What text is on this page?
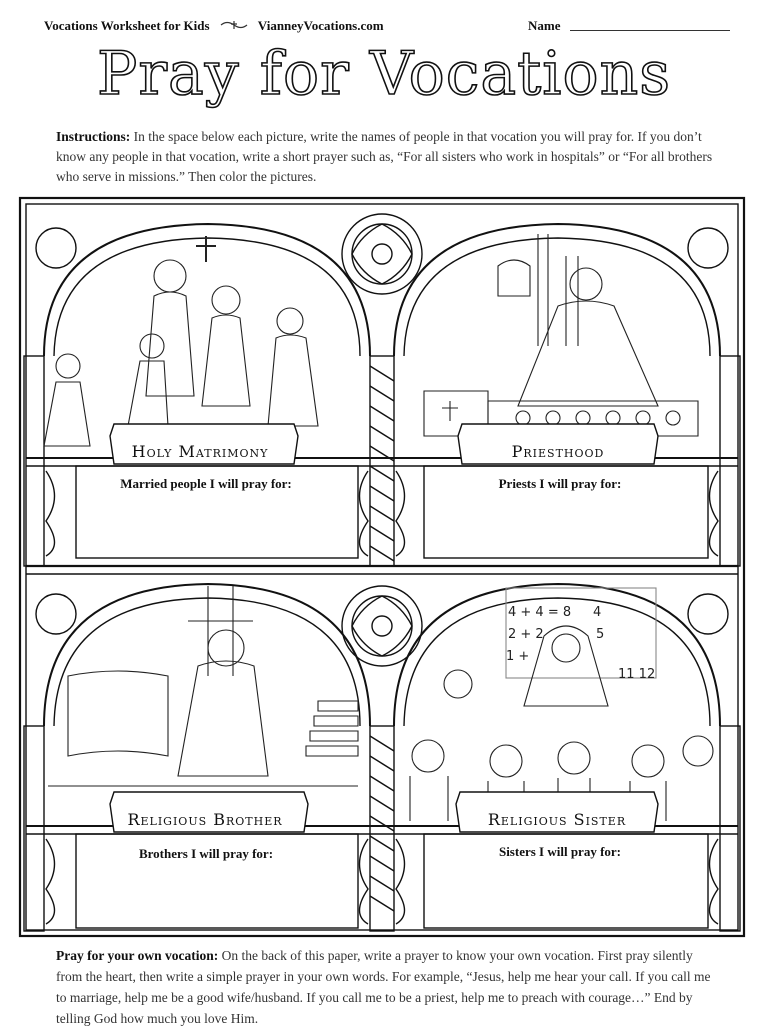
Vocations Worksheet for Kids	VianneyVocations.com	Name
Pray for Vocations
Instructions: In the space below each picture, write the names of people in that vocation you will pray for. If you don’t know any people in that vocation, write a short prayer such as, “For all sisters who work in hospitals” or “For all brothers who serve in missions.” Then color the pictures.
4 + 4 = 8 4
2 + 2	5
1 +
11 12
Holy Matrimony	Priesthood
Religious Brother	Religious Sister
Married people I will pray for:	Priests I will pray for:
Brothers I will pray for:	Sisters I will pray for:
Pray for your own vocation: On the back of this paper, write a prayer to know your own vocation. First pray silently from the heart, then write a simple prayer in your own words. For example, “Jesus, help me hear your call. If you call me to marriage, help me be a good wife/husband. If you call me to be a priest, help me to preach with courage…” End by telling God how much you love Him.
